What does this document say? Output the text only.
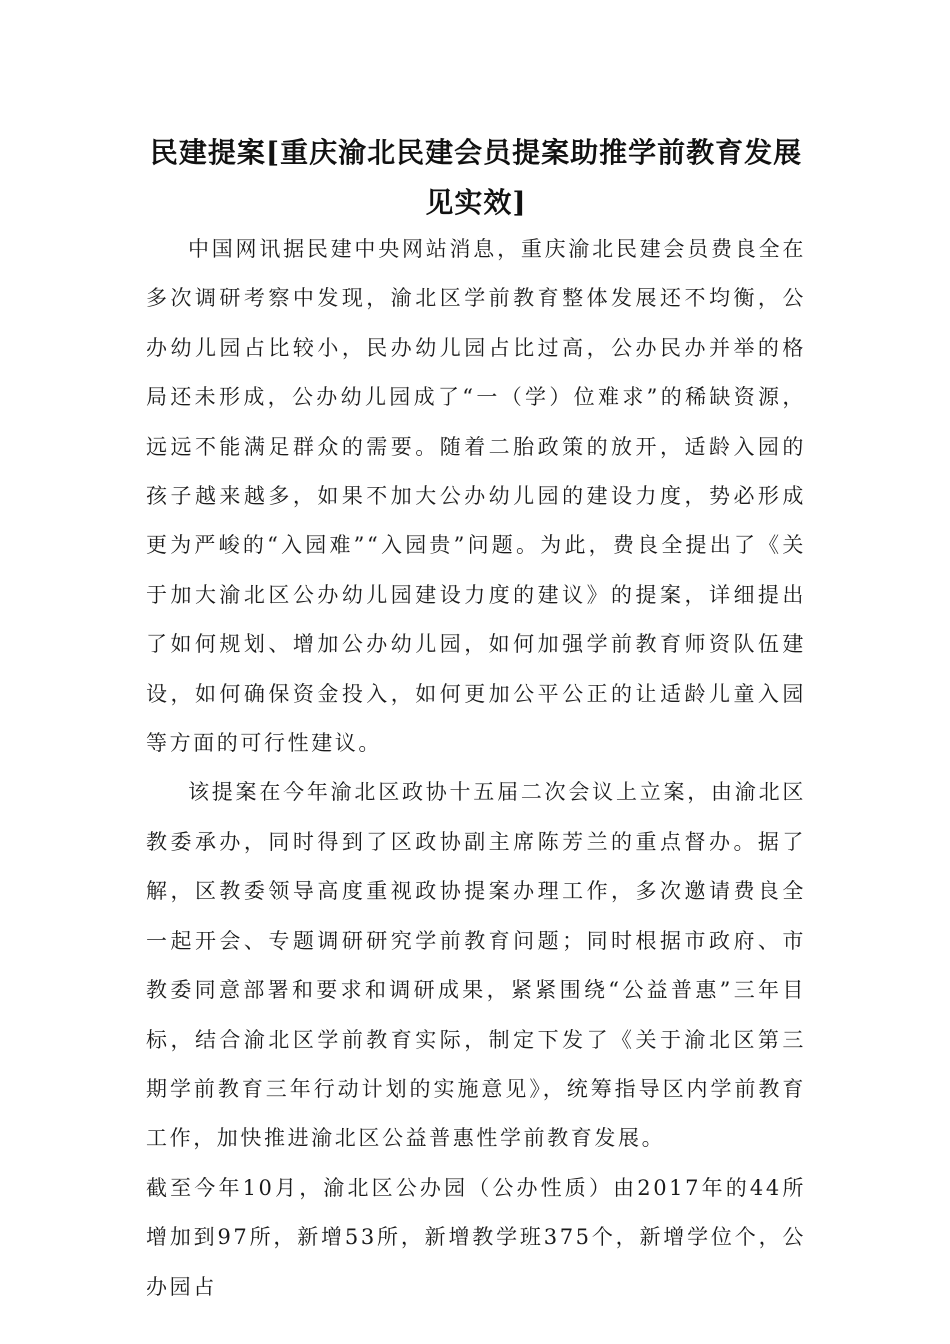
民建提案[重庆渝北民建会员提案助推学前教育发展见实效]

中国网讯据民建中央网站消息，重庆渝北民建会员费良全在多次调研考察中发现，渝北区学前教育整体发展还不均衡，公办幼儿园占比较小，民办幼儿园占比过高，公办民办并举的格局还未形成，公办幼儿园成了“一（学）位难求”的稀缺资源，远远不能满足群众的需要。随着二胎政策的放开，适龄入园的孩子越来越多，如果不加大公办幼儿园的建设力度，势必形成更为严峻的“入园难”“入园贵”问题。为此，费良全提出了《关于加大渝北区公办幼儿园建设力度的建议》的提案，详细提出了如何规划、增加公办幼儿园，如何加强学前教育师资队伍建设，如何确保资金投入，如何更加公平公正的让适龄儿童入园等方面的可行性建议。

该提案在今年渝北区政协十五届二次会议上立案，由渝北区教委承办，同时得到了区政协副主席陈芳兰的重点督办。据了解，区教委领导高度重视政协提案办理工作，多次邀请费良全一起开会、专题调研研究学前教育问题；同时根据市政府、市教委同意部署和要求和调研成果，紧紧围绕“公益普惠”三年目标，结合渝北区学前教育实际，制定下发了《关于渝北区第三期学前教育三年行动计划的实施意见》，统筹指导区内学前教育工作，加快推进渝北区公益普惠性学前教育发展。

截至今年10月，渝北区公办园（公办性质）由2017年的44所增加到97所，新增53所，新增教学班375个，新增学位个，公办园占
